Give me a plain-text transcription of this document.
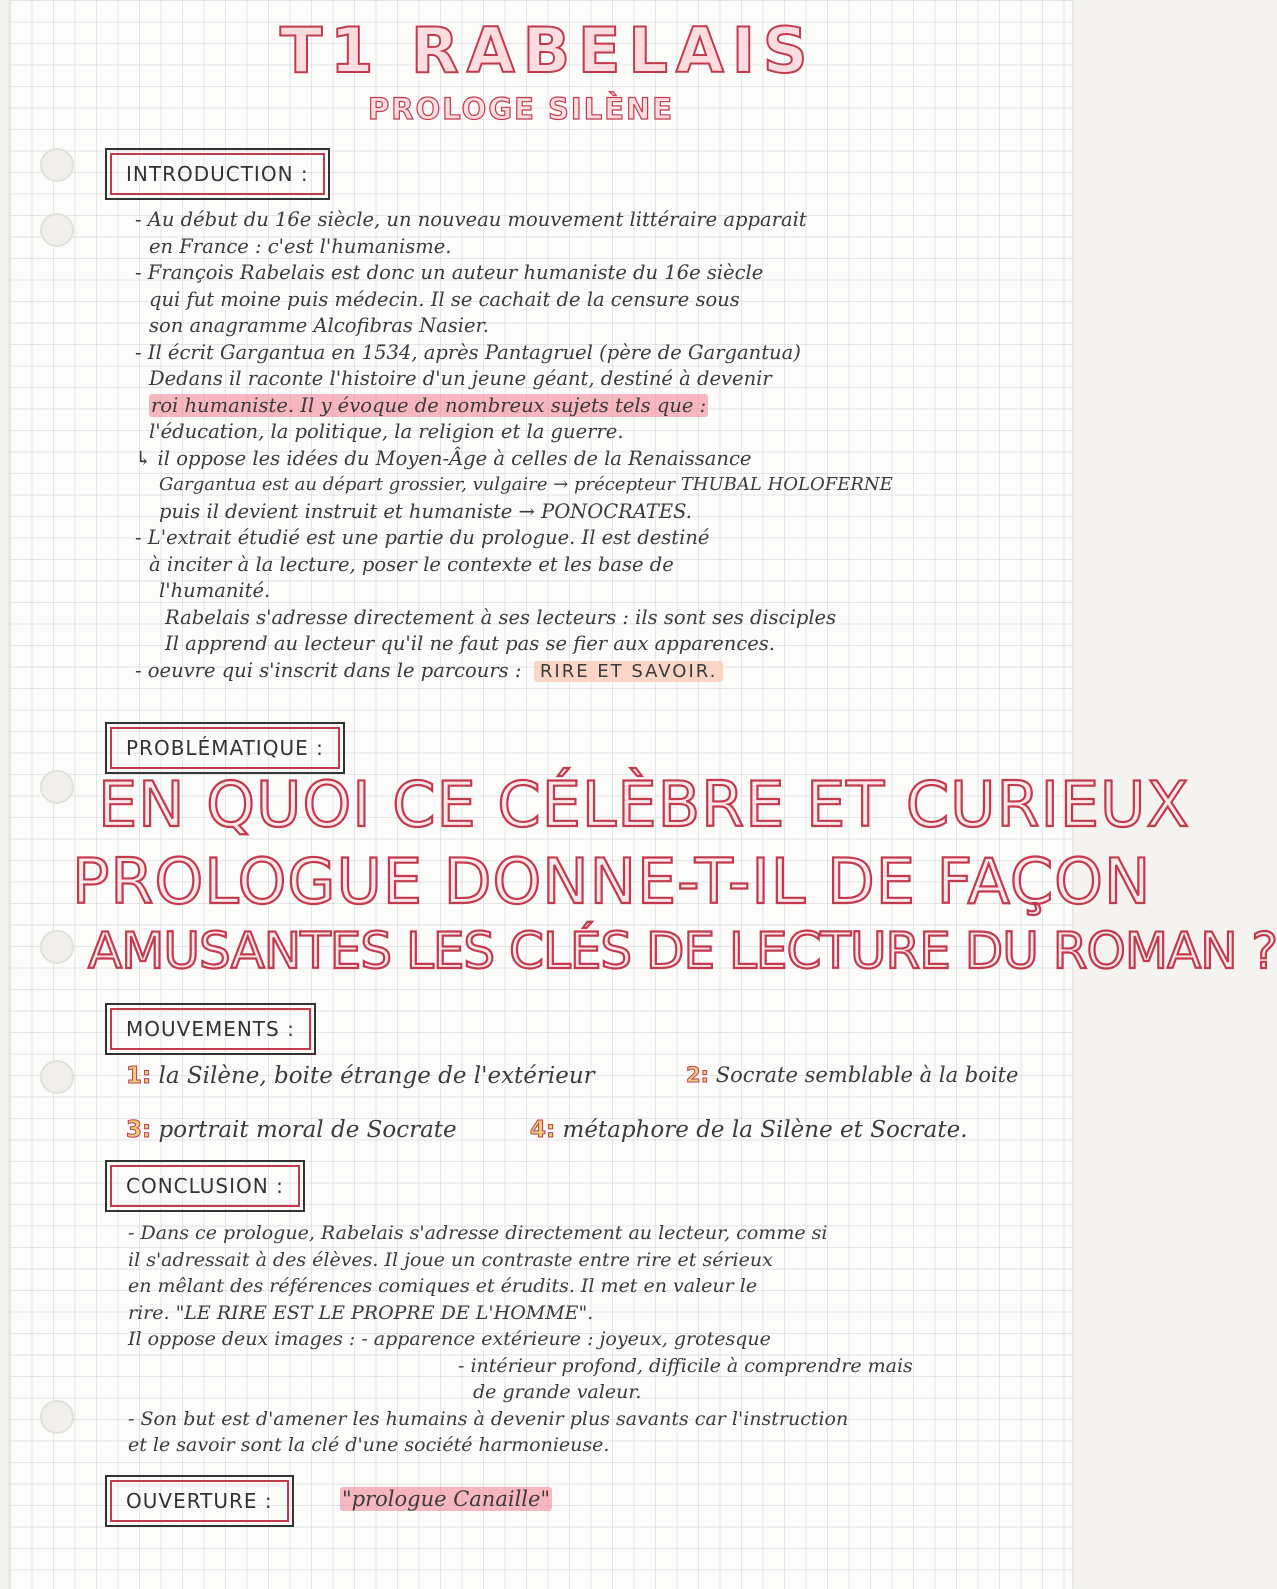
T1 RABELAIS
PROLOGE SILÈNE
INTRODUCTION :
- Au début du 16e siècle, un nouveau mouvement littéraire apparait
en France : c'est l'humanisme.
- François Rabelais est donc un auteur humaniste du 16e siècle
qui fut moine puis médecin. Il se cachait de la censure sous
son anagramme Alcofibras Nasier.
- Il écrit Gargantua en 1534, après Pantagruel (père de Gargantua)
Dedans il raconte l'histoire d'un jeune géant, destiné à devenir
roi humaniste. Il y évoque de nombreux sujets tels que :
l'éducation, la politique, la religion et la guerre.
↳ il oppose les idées du Moyen-Âge à celles de la Renaissance
Gargantua est au départ grossier, vulgaire → précepteur THUBAL HOLOFERNE
puis il devient instruit et humaniste → PONOCRATES.
- L'extrait étudié est une partie du prologue. Il est destiné
à inciter à la lecture, poser le contexte et les base de
l'humanité.
Rabelais s'adresse directement à ses lecteurs : ils sont ses disciples
Il apprend au lecteur qu'il ne faut pas se fier aux apparences.
- oeuvre qui s'inscrit dans le parcours : RIRE ET SAVOIR.
PROBLÉMATIQUE :
EN QUOI CE CÉLÈBRE ET CURIEUX
PROLOGUE DONNE-T-IL DE FAÇON
AMUSANTES LES CLÉS DE LECTURE DU ROMAN ?
MOUVEMENTS :
1: la Silène, boite étrange de l'extérieur	2: Socrate semblable à la boite
3: portrait moral de Socrate	4: métaphore de la Silène et Socrate.
CONCLUSION :
- Dans ce prologue, Rabelais s'adresse directement au lecteur, comme si
il s'adressait à des élèves. Il joue un contraste entre rire et sérieux
en mêlant des références comiques et érudits. Il met en valeur le
rire. "LE RIRE EST LE PROPRE DE L'HOMME".
Il oppose deux images : - apparence extérieure : joyeux, grotesque
- intérieur profond, difficile à comprendre mais
de grande valeur.
- Son but est d'amener les humains à devenir plus savants car l'instruction
et le savoir sont la clé d'une société harmonieuse.
OUVERTURE :	"prologue Canaille"
